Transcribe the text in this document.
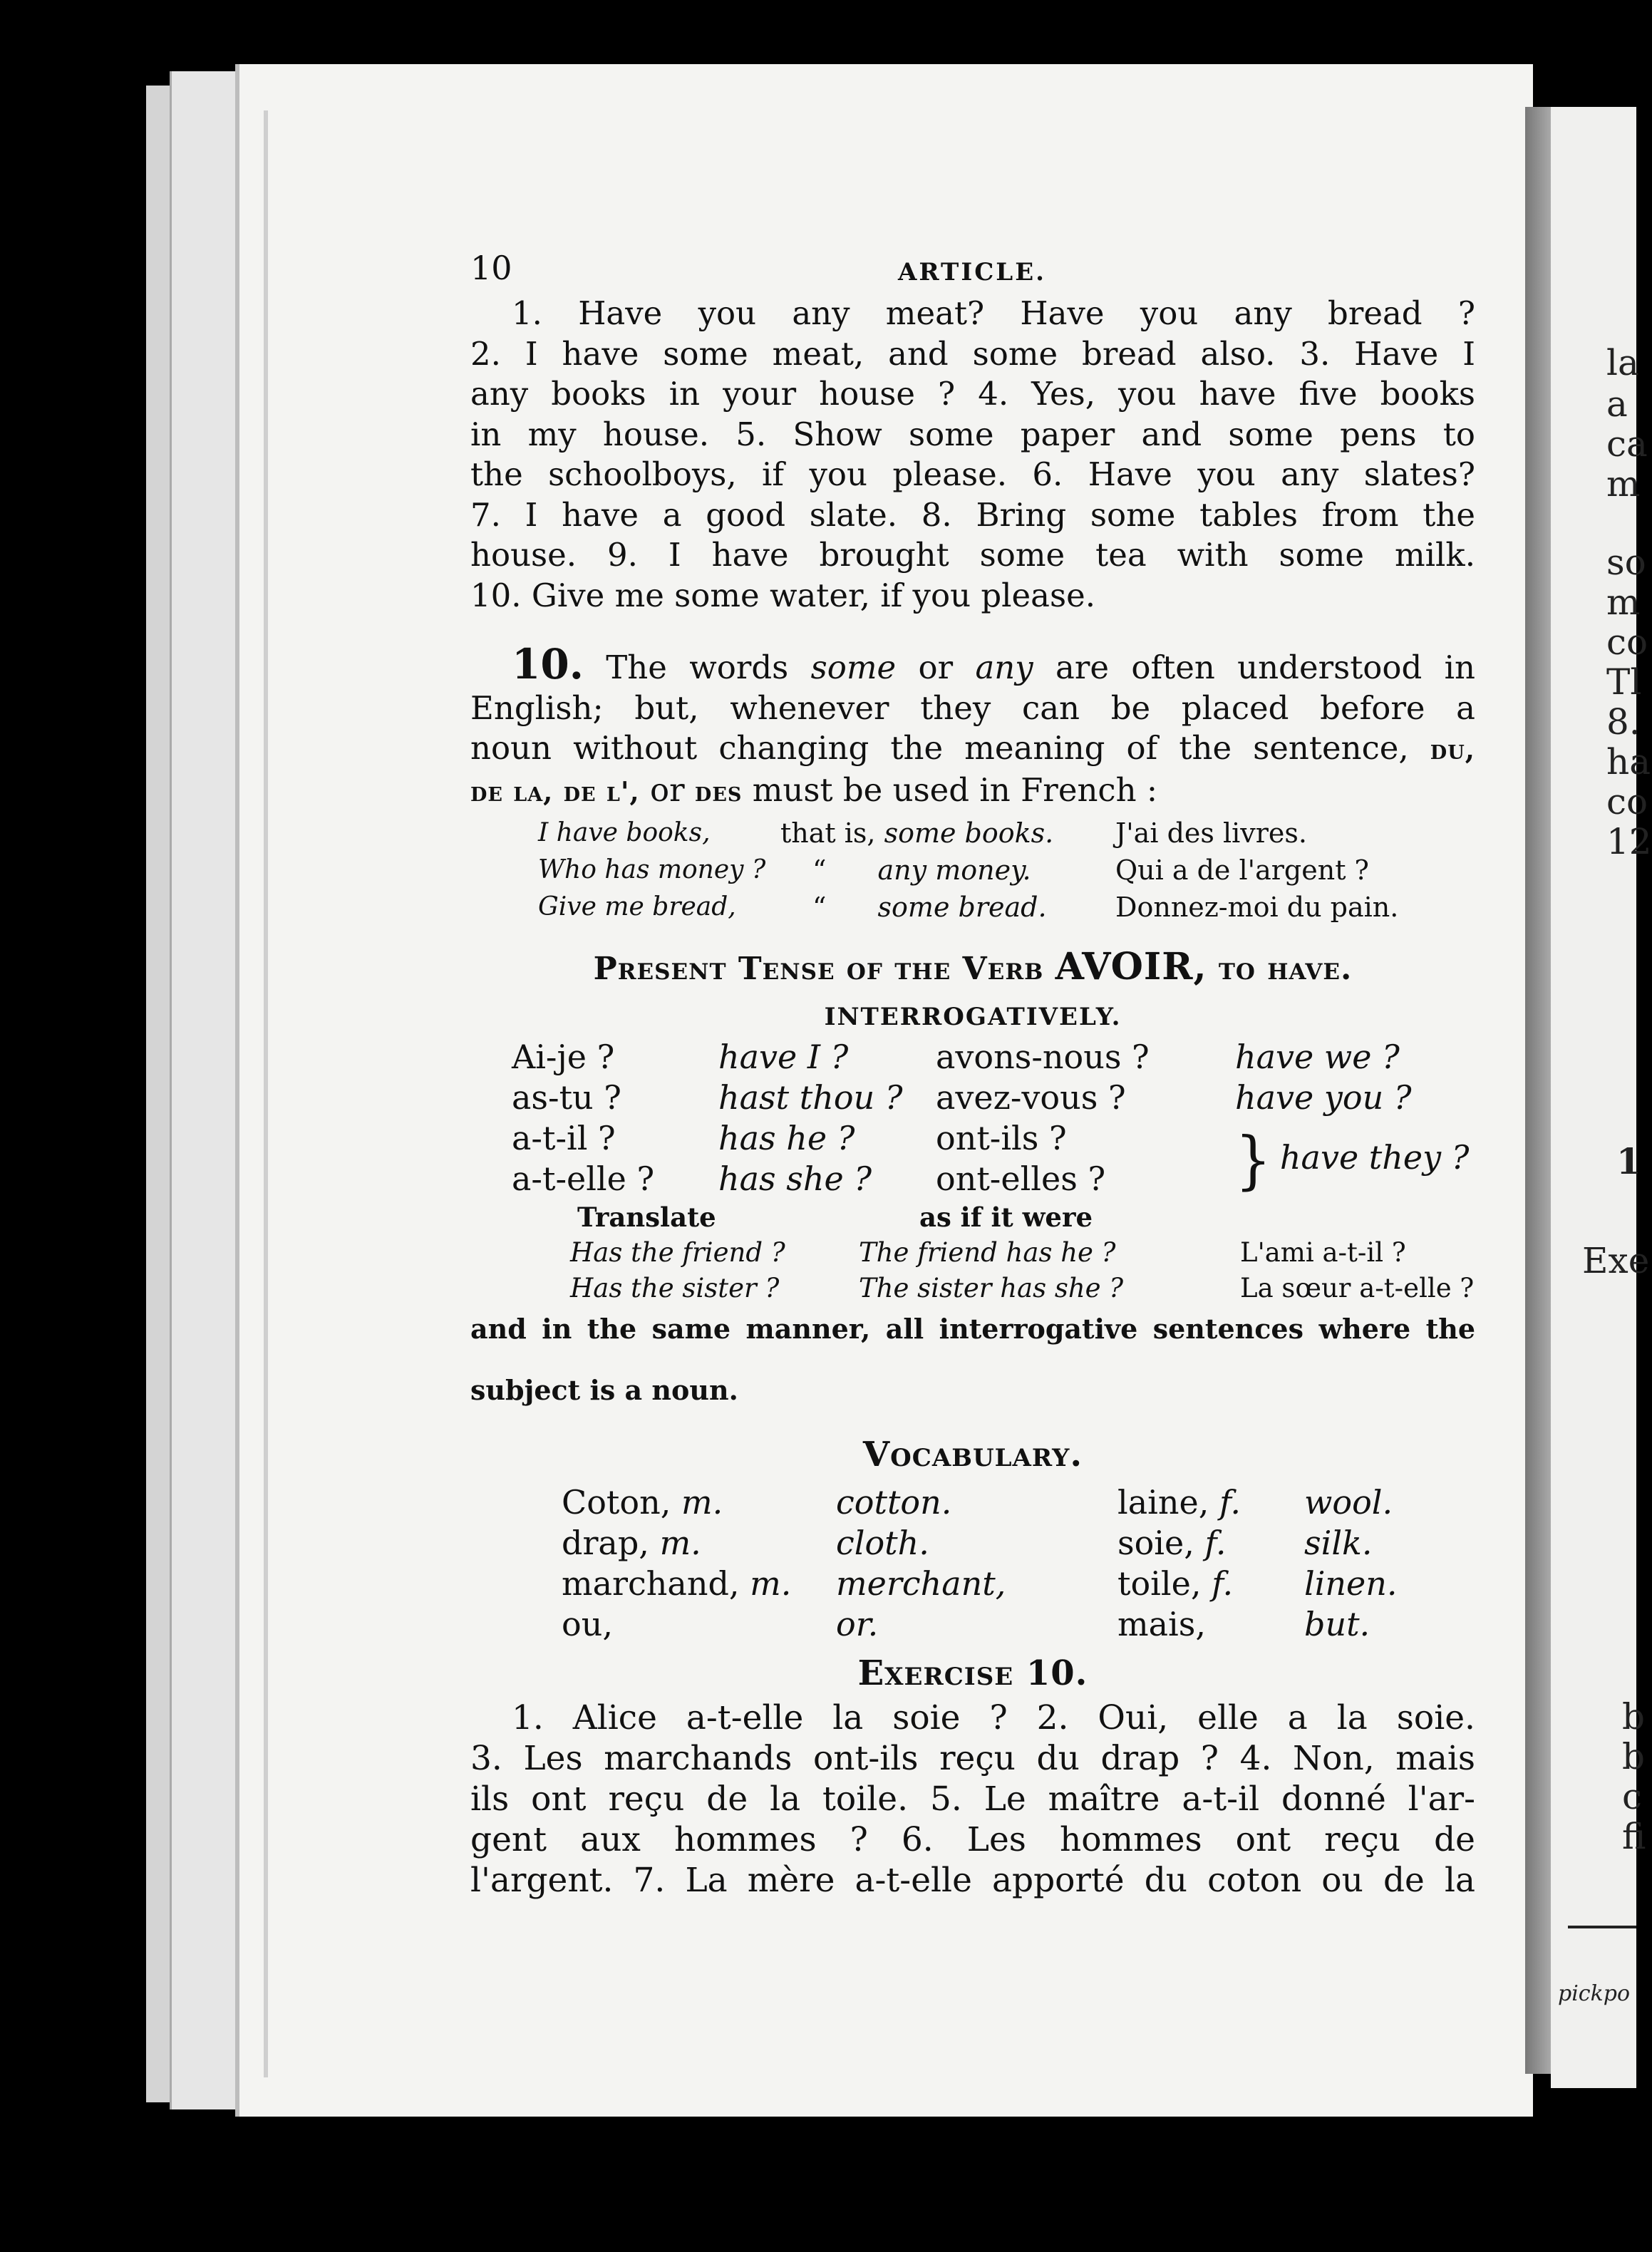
la
a
ca
m
so
m
co
Tl
8.
ha
co
12
1
Exe
b
b
c
fi
pickpo
10	ARTICLE.

1. Have you any meat? Have you any bread ?

2. I have some meat, and some bread also. 3. Have I

any books in your house ? 4. Yes, you have five books

in my house. 5. Show some paper and some pens to

the schoolboys, if you please. 6. Have you any slates?

7. I have a good slate. 8. Bring some tables from the

house. 9. I have brought some tea with some milk.

10. Give me some water, if you please.

10. The words some or any are often understood in

English; but, whenever they can be placed before a

noun without changing the meaning of the sentence, du,

de la, de l', or des must be used in French :

I have books,	that is, some books.	J'ai des livres.
Who has money ?	“ any money.	Qui a de l'argent ?
Give me bread,	“ some bread.	Donnez-moi du pain.
Present Tense of the Verb AVOIR, to have.
INTERROGATIVELY.
Ai-je ?	have I ?	avons-nous ?	have we ?
as-tu ?	hast thou ?	avez-vous ?	have you ?
a-t-il ?	has he ?	ont-ils ?	} have they ?
a-t-elle ?	has she ?	ont-elles ?	
Translate	as if it were	
Has the friend ?	The friend has he ?	L'ami a-t-il ?
Has the sister ?	The sister has she ?	La sœur a-t-elle ?

and in the same manner, all interrogative sentences where the

subject is a noun.

Vocabulary.
Coton, m.	cotton.	laine, f.	wool.
drap, m.	cloth.	soie, f.	silk.
marchand, m.	merchant,	toile, f.	linen.
ou,	or.	mais,	but.
Exercise 10.

1. Alice a-t-elle la soie ? 2. Oui, elle a la soie.

3. Les marchands ont-ils reçu du drap ? 4. Non, mais

ils ont reçu de la toile. 5. Le maître a-t-il donné l'ar-

gent aux hommes ? 6. Les hommes ont reçu de

l'argent. 7. La mère a-t-elle apporté du coton ou de la
